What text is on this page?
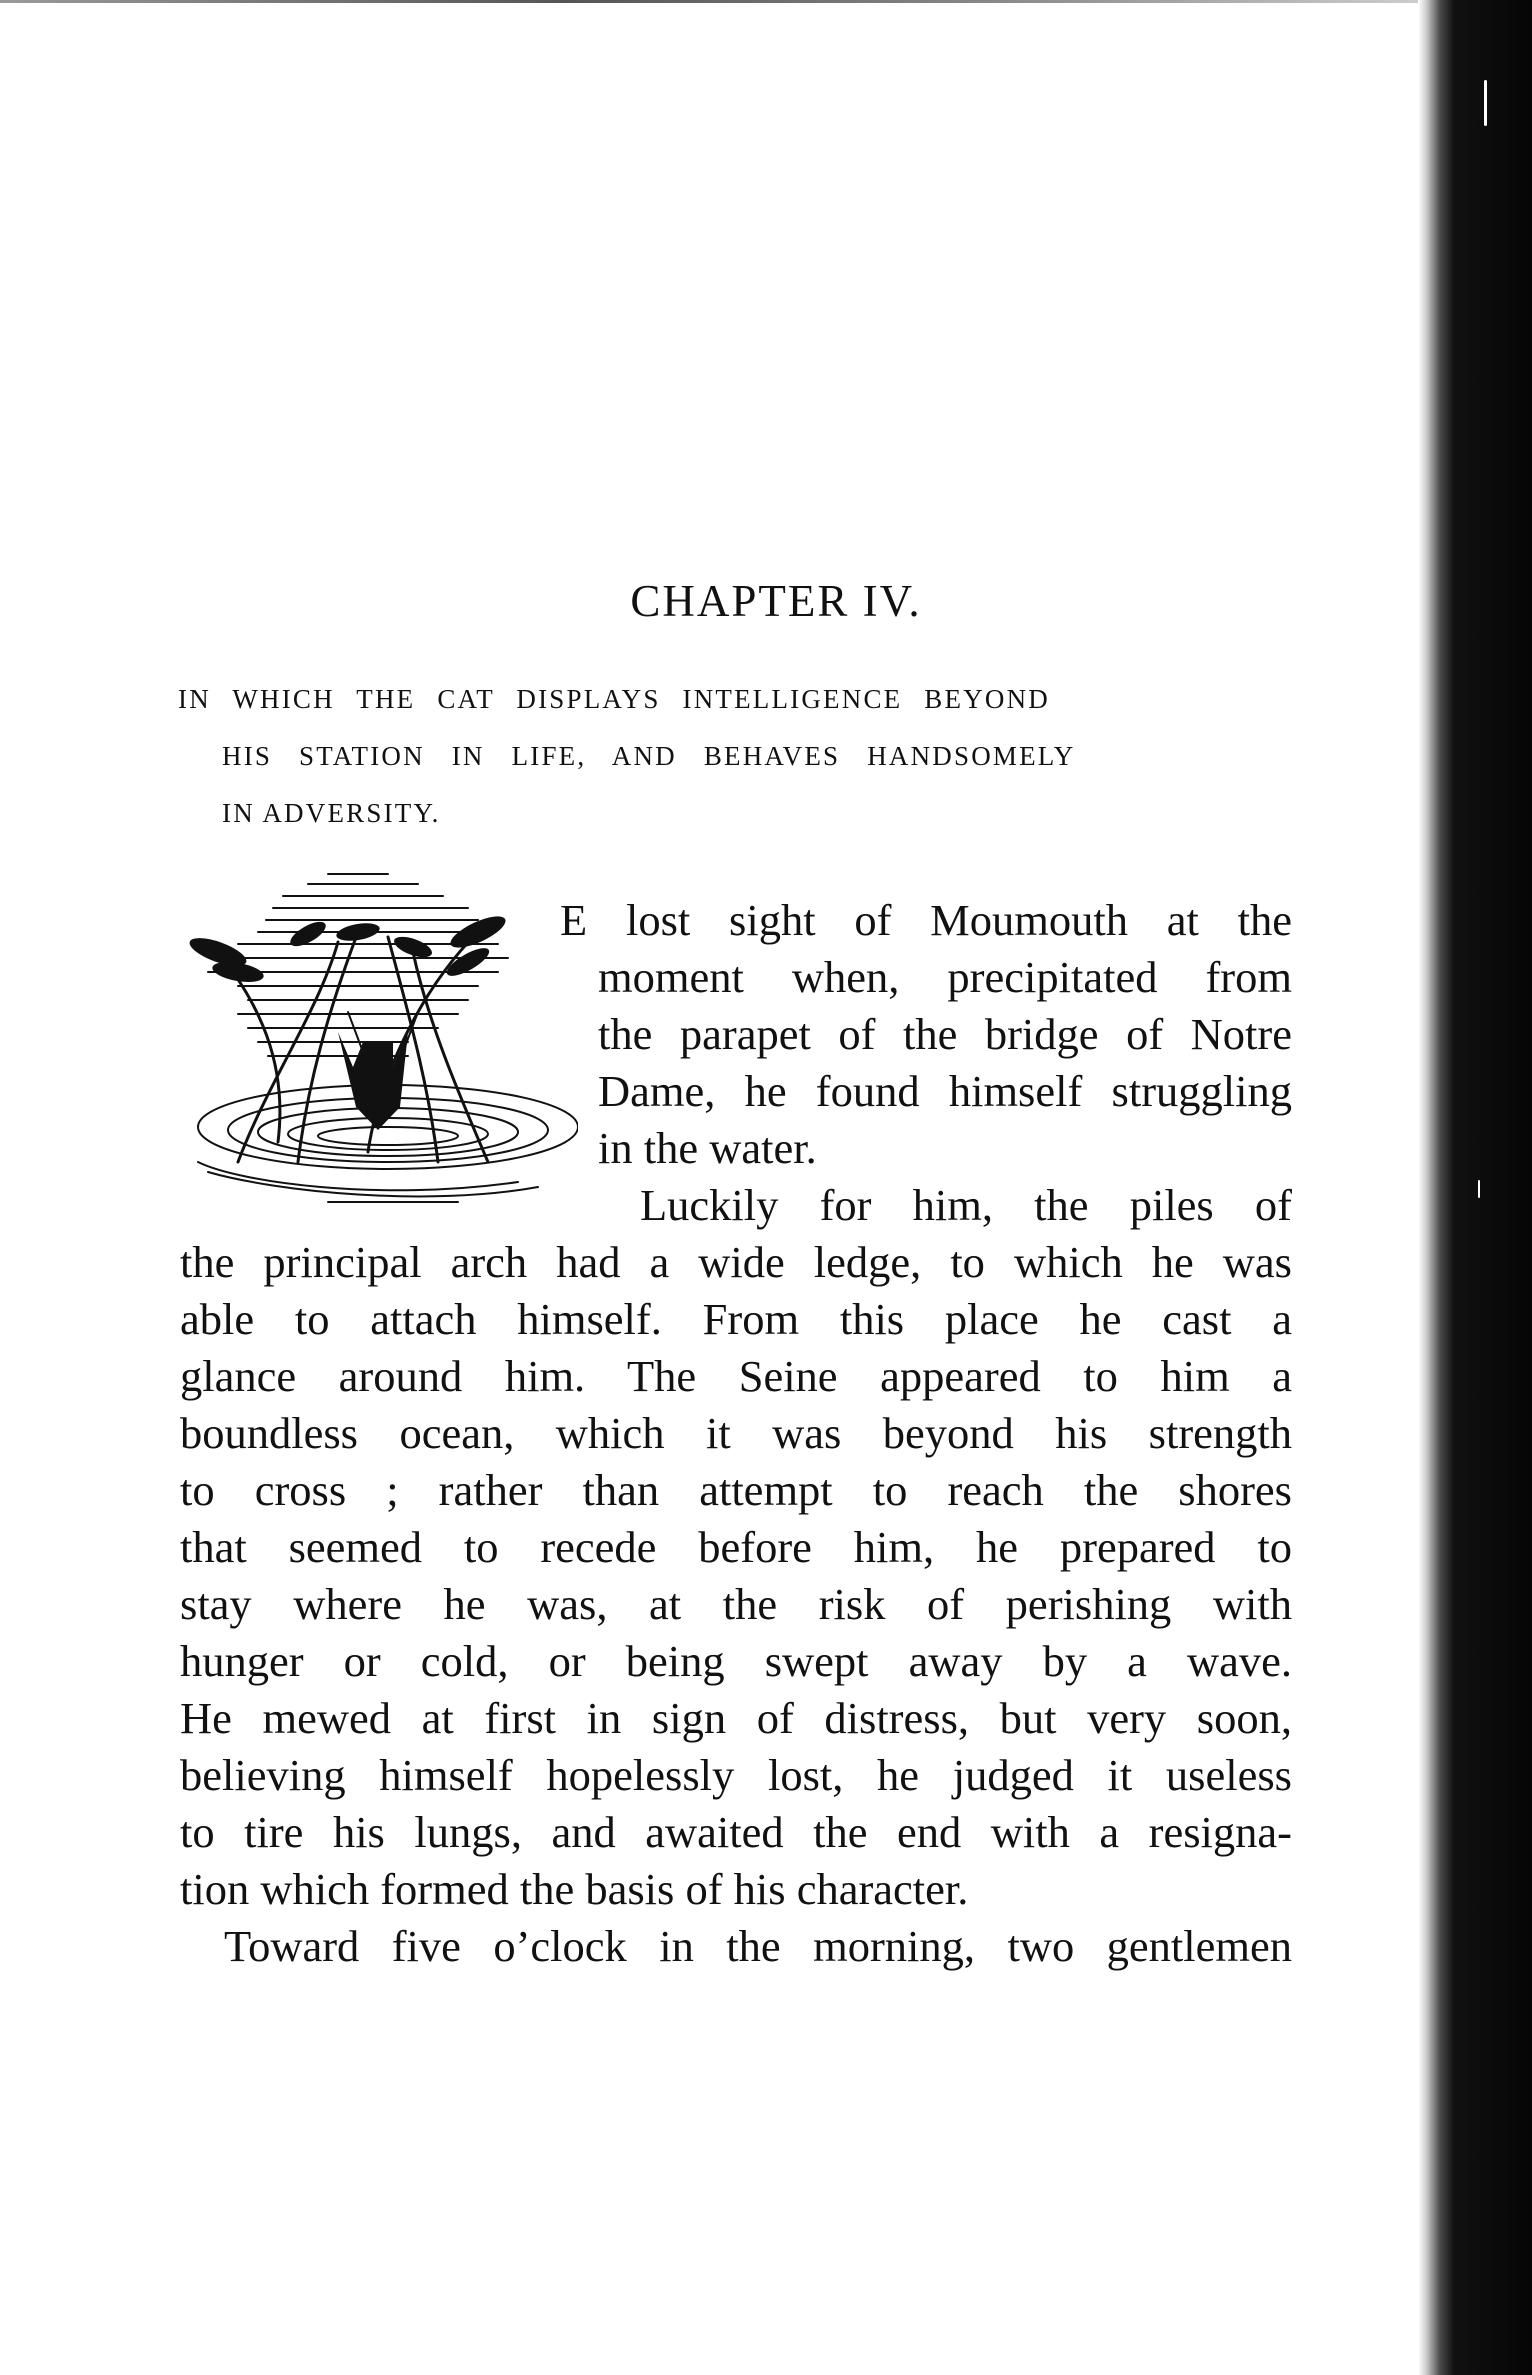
CHAPTER IV.
IN WHICH THE CAT DISPLAYS INTELLIGENCE BEYOND
HIS STATION IN LIFE, AND BEHAVES HANDSOMELY
IN ADVERSITY.
E lost sight of Moumouth at the
moment when, precipitated from
the parapet of the bridge of Notre
Dame, he found himself struggling
in the water.
Luckily for him, the piles of
the principal arch had a wide ledge, to which he was
able to attach himself. From this place he cast a
glance around him. The Seine appeared to him a
boundless ocean, which it was beyond his strength
to cross ; rather than attempt to reach the shores
that seemed to recede before him, he prepared to
stay where he was, at the risk of perishing with
hunger or cold, or being swept away by a wave.
He mewed at first in sign of distress, but very soon,
believing himself hopelessly lost, he judged it useless
to tire his lungs, and awaited the end with a resigna-
tion which formed the basis of his character.
Toward five o’clock in the morning, two gentlemen
